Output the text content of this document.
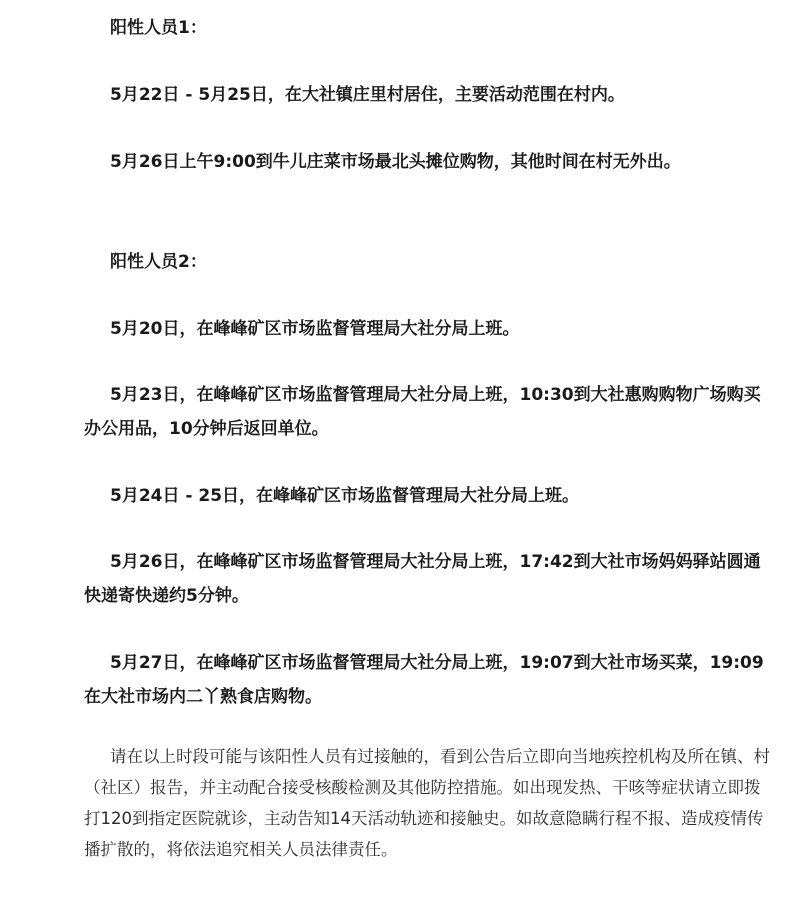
阳性人员1：

5月22日 - 5月25日，在大社镇庄里村居住，主要活动范围在村内。

5月26日上午9:00到牛儿庄菜市场最北头摊位购物，其他时间在村无外出。

阳性人员2：

5月20日，在峰峰矿区市场监督管理局大社分局上班。

5月23日，在峰峰矿区市场监督管理局大社分局上班，10:30到大社惠购购物广场购买办公用品，10分钟后返回单位。

5月24日 - 25日，在峰峰矿区市场监督管理局大社分局上班。

5月26日，在峰峰矿区市场监督管理局大社分局上班，17:42到大社市场妈妈驿站圆通快递寄快递约5分钟。

5月27日，在峰峰矿区市场监督管理局大社分局上班，19:07到大社市场买菜，19:09在大社市场内二丫熟食店购物。

请在以上时段可能与该阳性人员有过接触的，看到公告后立即向当地疾控机构及所在镇、村（社区）报告，并主动配合接受核酸检测及其他防控措施。如出现发热、干咳等症状请立即拨打120到指定医院就诊，主动告知14天活动轨迹和接触史。如故意隐瞒行程不报、造成疫情传播扩散的，将依法追究相关人员法律责任。
